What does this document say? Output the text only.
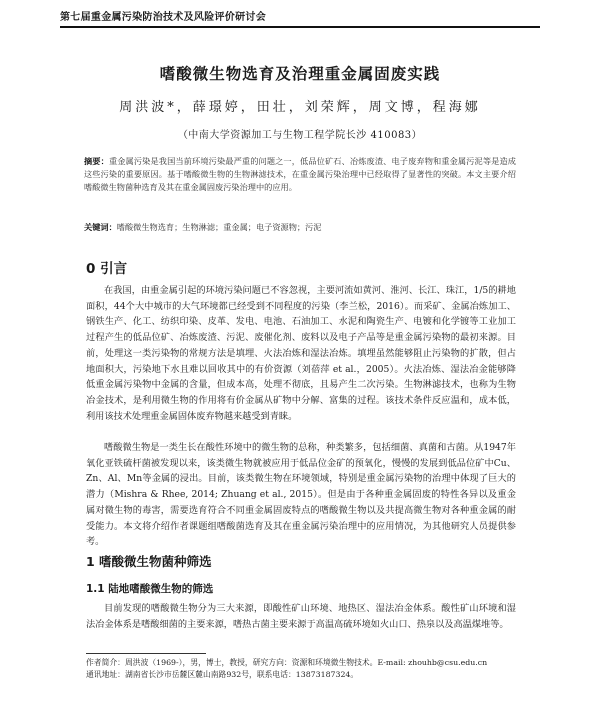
第七届重金属污染防治技术及风险评价研讨会
嗜酸微生物选育及治理重金属固废实践
周洪波*，薛璟婷，田壮，刘荣辉，周文博，程海娜
（中南大学资源加工与生物工程学院长沙 410083）
摘要：重金属污染是我国当前环境污染最严重的问题之一，低品位矿石、冶炼废渣、电子废弃物和重金属污泥等是造成这些污染的重要原因。基于嗜酸微生物的生物淋滤技术，在重金属污染治理中已经取得了显著性的突破。本文主要介绍嗜酸微生物菌种选育及其在重金属固废污染治理中的应用。
关键词：嗜酸微生物选育；生物淋滤；重金属；电子资源物；污泥
0 引言

在我国，由重金属引起的环境污染问题已不容忽视，主要河流如黄河、淮河、长江、珠江，1/5的耕地面积，44个大中城市的大气环境都已经受到不同程度的污染（李兰松，2016）。而采矿、金属冶炼加工、钢铁生产、化工、纺织印染、皮革、发电、电池、石油加工、水泥和陶瓷生产、电镀和化学镀等工业加工过程产生的低品位矿、冶炼废渣、污泥、废催化剂、废料以及电子产品等是重金属污染物的最初来源。目前，处理这一类污染物的常规方法是填埋、火法冶炼和湿法冶炼。填埋虽然能够阻止污染物的扩散，但占地面积大，污染地下水且难以回收其中的有价资源（刘蓓萍 et al.，2005）。火法冶炼、湿法冶金能够降低重金属污染物中金属的含量，但成本高，处理不彻底，且易产生二次污染。生物淋滤技术，也称为生物冶金技术，是利用微生物的作用将有价金属从矿物中分解、富集的过程。该技术条件反应温和，成本低，利用该技术处理重金属固体废弃物越来越受到青睐。

嗜酸微生物是一类生长在酸性环境中的微生物的总称，种类繁多，包括细菌、真菌和古菌。从1947年氧化亚铁硫杆菌被发现以来，该类微生物就被应用于低品位金矿的预氧化，慢慢的发展到低品位矿中Cu、Zn、Al、Mn等金属的浸出。目前，该类微生物在环境领域，特别是重金属污染物的治理中体现了巨大的潜力（Mishra & Rhee, 2014; Zhuang et al., 2015）。但是由于各种重金属固废的特性各异以及重金属对微生物的毒害，需要选育符合不同重金属固废特点的嗜酸微生物以及共提高微生物对各种重金属的耐受能力。本文将介绍作者课题组嗜酸菌选育及其在重金属污染治理中的应用情况，为其他研究人员提供参考。

1 嗜酸微生物菌种筛选
1.1 陆地嗜酸微生物的筛选

目前发现的嗜酸微生物分为三大来源，即酸性矿山环境、地热区、湿法冶金体系。酸性矿山环境和湿法冶金体系是嗜酸细菌的主要来源，嗜热古菌主要来源于高温高硫环境如火山口、热泉以及高温煤堆等。

作者简介：周洪波（1969-），男，博士，教授，研究方向：资源和环境微生物技术。E-mail: zhouhb@csu.edu.cn
通讯地址：湖南省长沙市岳麓区麓山南路932号，联系电话：13873187324。
